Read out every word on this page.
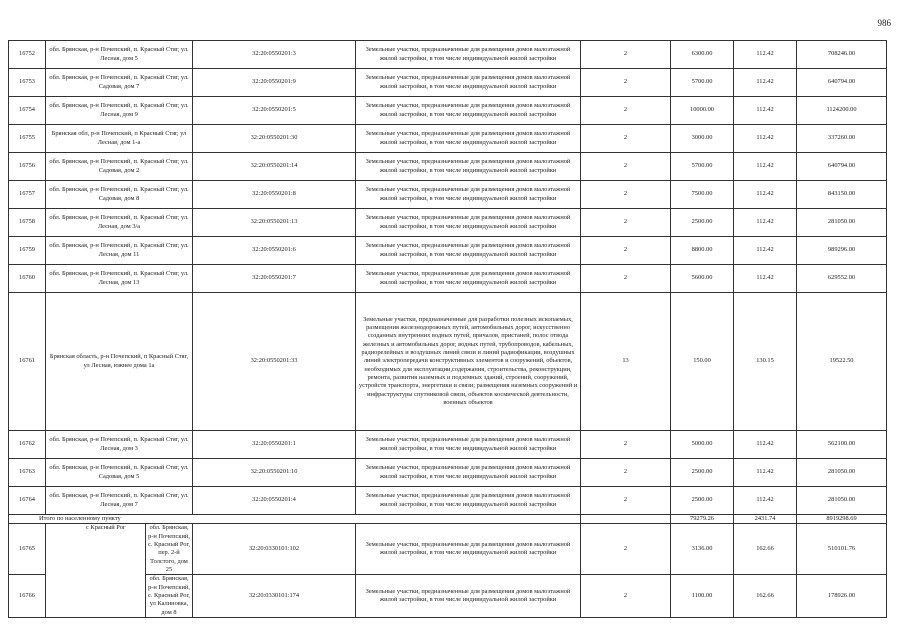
986
16752	обл. Брянская, р-н Почепский, п. Красный Стяг, ул. Лесная, дом 5		32:20:0550201:3	Земельные участки, предназначенные для размещения домов малоэтажной жилой застройки, в том числе индивидуальной жилой застройки	2	6300.00	112.42	708246.00
16753	обл. Брянская, р-н Почепский, п. Красный Стяг, ул. Садовая, дом 7		32:20:0550201:9	Земельные участки, предназначенные для размещения домов малоэтажной жилой застройки, в том числе индивидуальной жилой застройки	2	5700.00	112.42	640794.00
16754	обл. Брянская, р-н Почепский, п. Красный Стяг, ул. Лесная, дом 9		32:20:0550201:5	Земельные участки, предназначенные для размещения домов малоэтажной жилой застройки, в том числе индивидуальной жилой застройки	2	10000.00	112.42	1124200.00
16755	Брянская обл, р-н Почепский, п Красный Стяг, ул Лесная, дом 1-а		32:20:0550201:30	Земельные участки, предназначенные для размещения домов малоэтажной жилой застройки, в том числе индивидуальной жилой застройки	2	3000.00	112.42	337260.00
16756	обл. Брянская, р-н Почепский, п. Красный Стяг, ул. Садовая, дом 2		32:20:0550201:14	Земельные участки, предназначенные для размещения домов малоэтажной жилой застройки, в том числе индивидуальной жилой застройки	2	5700.00	112.42	640794.00
16757	обл. Брянская, р-н Почепский, п. Красный Стяг, ул. Садовая, дом 8		32:20:0550201:8	Земельные участки, предназначенные для размещения домов малоэтажной жилой застройки, в том числе индивидуальной жилой застройки	2	7500.00	112.42	843150.00
16758	обл. Брянская, р-н Почепский, п. Красный Стяг, ул. Лесная, дом 3/а		32:20:0550201:13	Земельные участки, предназначенные для размещения домов малоэтажной жилой застройки, в том числе индивидуальной жилой застройки	2	2500.00	112.42	281050.00
16759	обл. Брянская, р-н Почепский, п. Красный Стяг, ул. Лесная, дом 11		32:20:0550201:6	Земельные участки, предназначенные для размещения домов малоэтажной жилой застройки, в том числе индивидуальной жилой застройки	2	8800.00	112.42	989296.00
16760	обл. Брянская, р-н Почепский, п. Красный Стяг, ул. Лесная, дом 13		32:20:0550201:7	Земельные участки, предназначенные для размещения домов малоэтажной жилой застройки, в том числе индивидуальной жилой застройки	2	5600.00	112.42	629552.00
16761	Брянская область, р-н Почепский, п Красный Стяг, ул Лесная, южнее дома 1а		32:20:0550201:33	Земельные участки, предназначенные для разработки полезных ископаемых, размещения железнодорожных путей, автомобильных дорог, искусственно созданных внутренних водных путей, причалов, пристаней, полос отвода железных и автомобильных дорог, водных путей, трубопроводов, кабельных, радиорелейных и воздушных линий связи и линий радиофикации, воздушных линий электропередачи конструктивных элементов и сооружений, объектов, необходимых для эксплуатации,содержания, строительства, реконструкции, ремонта, развития наземных и подземных зданий, строений, сооружений, устройств транспорта, энергетики и связи; размещения наземных сооружений и инфраструктуры спутниковой связи, объектов космической деятельности, военных объектов	13	150.00	130.15	19522.50
16762	обл. Брянская, р-н Почепский, п. Красный Стяг, ул. Лесная, дом 3		32:20:0550201:1	Земельные участки, предназначенные для размещения домов малоэтажной жилой застройки, в том числе индивидуальной жилой застройки	2	5000.00	112.42	562100.00
16763	обл. Брянская, р-н Почепский, п. Красный Стяг, ул. Садовая, дом 5		32:20:0550201:10	Земельные участки, предназначенные для размещения домов малоэтажной жилой застройки, в том числе индивидуальной жилой застройки	2	2500.00	112.42	281050.00
16764	обл. Брянская, р-н Почепский, п. Красный Стяг, ул. Лесная, дом 7		32:20:0550201:4	Земельные участки, предназначенные для размещения домов малоэтажной жилой застройки, в том числе индивидуальной жилой застройки	2	2500.00	112.42	281050.00
Итого по населенному пункту						79279.26	2431.74	8919298.69
16765	с Красный Рог	обл. Брянская, р-н Почепский, с. Красный Рог, пер. 2-й Толстого, дом 25	32:20:0330101:102	Земельные участки, предназначенные для размещения домов малоэтажной жилой застройки, в том числе индивидуальной жилой застройки	2	3136.00	162.66	510101.76
16766		обл. Брянская, р-н Почепский, с. Красный Рог, ул Калиновка, дом 8	32:20:0330101:174	Земельные участки, предназначенные для размещения домов малоэтажной жилой застройки, в том числе индивидуальной жилой застройки	2	1100.00	162.66	178926.00
